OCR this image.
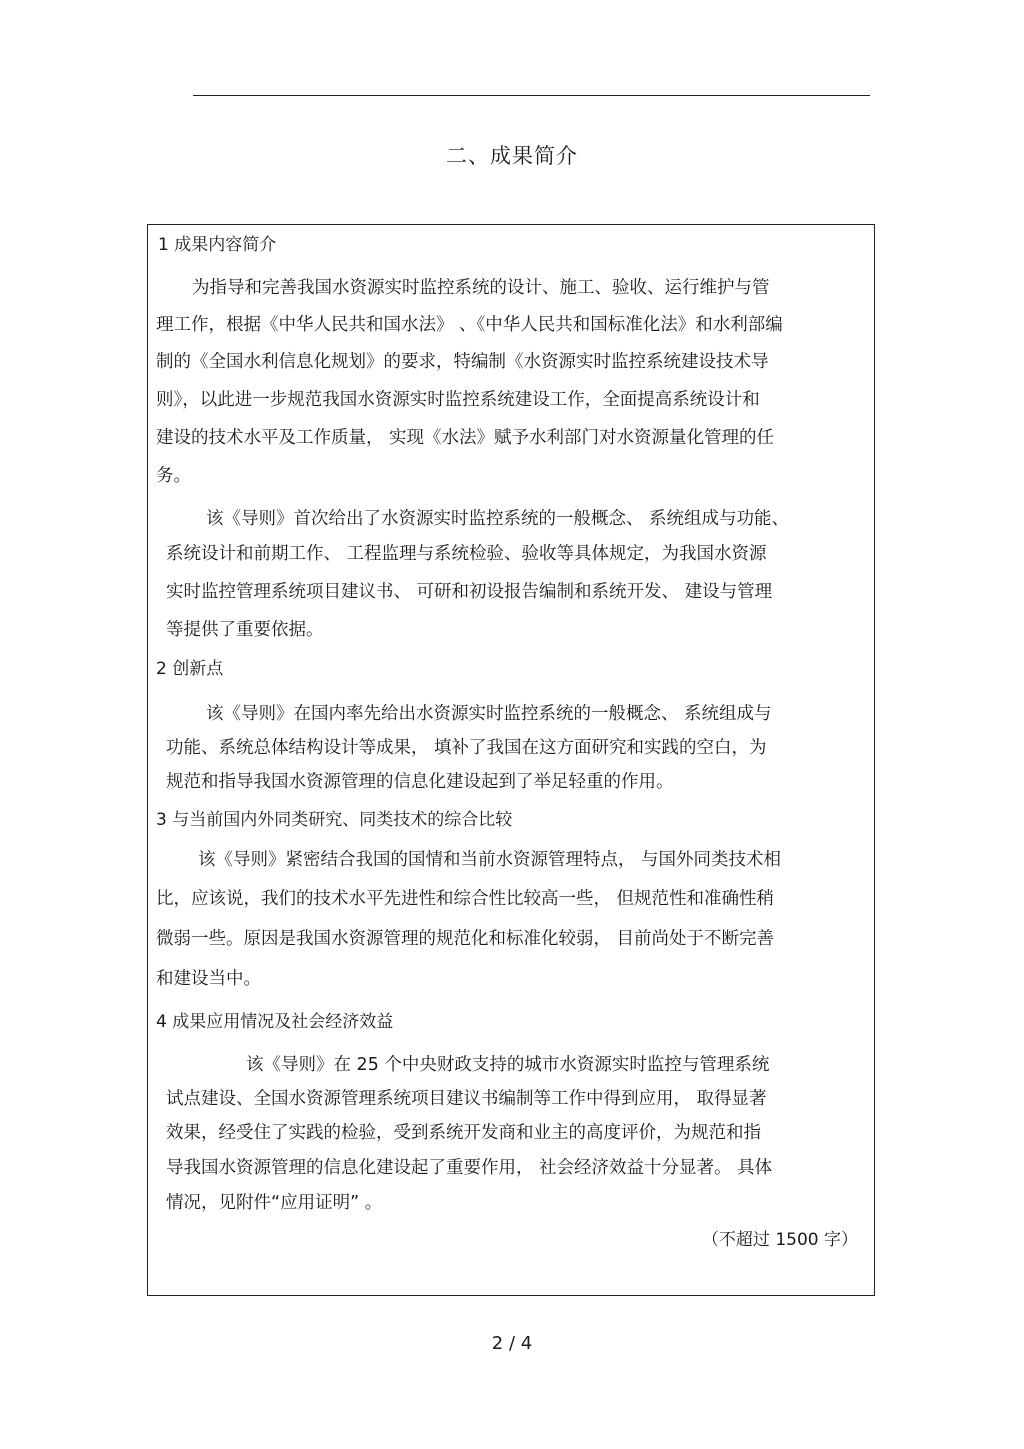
二、成果简介
1 成果内容简介
为指导和完善我国水资源实时监控系统的设计、施工、验收、运行维护与管
理工作，根据《中华人民共和国水法》 、《中华人民共和国标准化法》和水利部编
制的《全国水利信息化规划》的要求，特编制《水资源实时监控系统建设技术导
则》，以此进一步规范我国水资源实时监控系统建设工作，全面提高系统设计和
建设的技术水平及工作质量， 实现《水法》赋予水利部门对水资源量化管理的任
务。
该《导则》首次给出了水资源实时监控系统的一般概念、 系统组成与功能、
系统设计和前期工作、 工程监理与系统检验、验收等具体规定，为我国水资源
实时监控管理系统项目建议书、 可研和初设报告编制和系统开发、 建设与管理
等提供了重要依据。
2 创新点
该《导则》在国内率先给出水资源实时监控系统的一般概念、 系统组成与
功能、系统总体结构设计等成果， 填补了我国在这方面研究和实践的空白，为
规范和指导我国水资源管理的信息化建设起到了举足轻重的作用。
3 与当前国内外同类研究、同类技术的综合比较
该《导则》紧密结合我国的国情和当前水资源管理特点， 与国外同类技术相
比，应该说，我们的技术水平先进性和综合性比较高一些， 但规范性和准确性稍
微弱一些。原因是我国水资源管理的规范化和标准化较弱， 目前尚处于不断完善
和建设当中。
4 成果应用情况及社会经济效益
该《导则》在 25 个中央财政支持的城市水资源实时监控与管理系统
试点建设、全国水资源管理系统项目建议书编制等工作中得到应用， 取得显著
效果，经受住了实践的检验，受到系统开发商和业主的高度评价，为规范和指
导我国水资源管理的信息化建设起了重要作用， 社会经济效益十分显著。 具体
情况，见附件“应用证明” 。
（不超过 1500 字）
2 / 4
